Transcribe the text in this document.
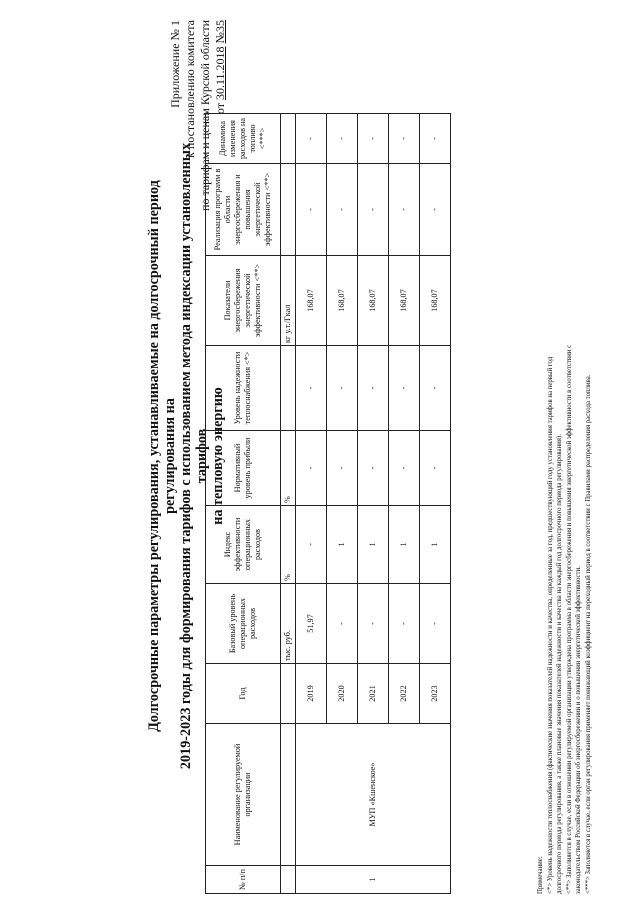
Приложение № 1 к постановлению комитета по тарифам и ценам Курской области от 30.11.2018 №35
Долгосрочные параметры регулирования, устанавливаемые на долгосрочный период регулирования на 2019-2023 годы для формирования тарифов с использованием метода индексации установленных тарифов на тепловую энергию
№ п/п	Наименование регулируемой организации	Год	Базовый уровень операционных расходов	Индекс эффективности операционных расходов	Нормативный уровень прибыли	Уровень надежности теплоснабжения <*>	Показатели энергосбережения энергетической эффективности <**>	Реализация программ в области энергосбережения и повышения энергетической эффективности <**>	Динамика изменения расходов на топливо <***>
			тыс. руб.	%	%		кг у.т./Гкал		
1	МУП «Кшенское»	2019	51,97	-	-	-	168,07	-	-
		2020	-	1	-	-	168,07	-	-
		2021	-	1	-	-	168,07	-	-
		2022	-	1	-	-	168,07	-	-
		2023	-	1	-	-	168,07	-	-
Примечание: <*> Уровень надежности теплоснабжения (фактические значения показателей надежности и качества, определенные за год, предшествующий году установления тарифов на первый год долгосрочного периода регулирования, а также плановые значения показателей надежности и качества на каждый год долгосрочного периода регулирования). <**> Заполняется в случае, если в отношении регулируемой организации утверждена программа в области энергосбережения и повышения энергетической эффективности в соответствии с законодательством Российской Федерации об энергосбережении и о повышении энергетической эффективности. <***> Заполняется в случае, если орган регулирования применяет понижающий коэффициент на переходный период в соответствии с Правилами распределения расхода топлива.
